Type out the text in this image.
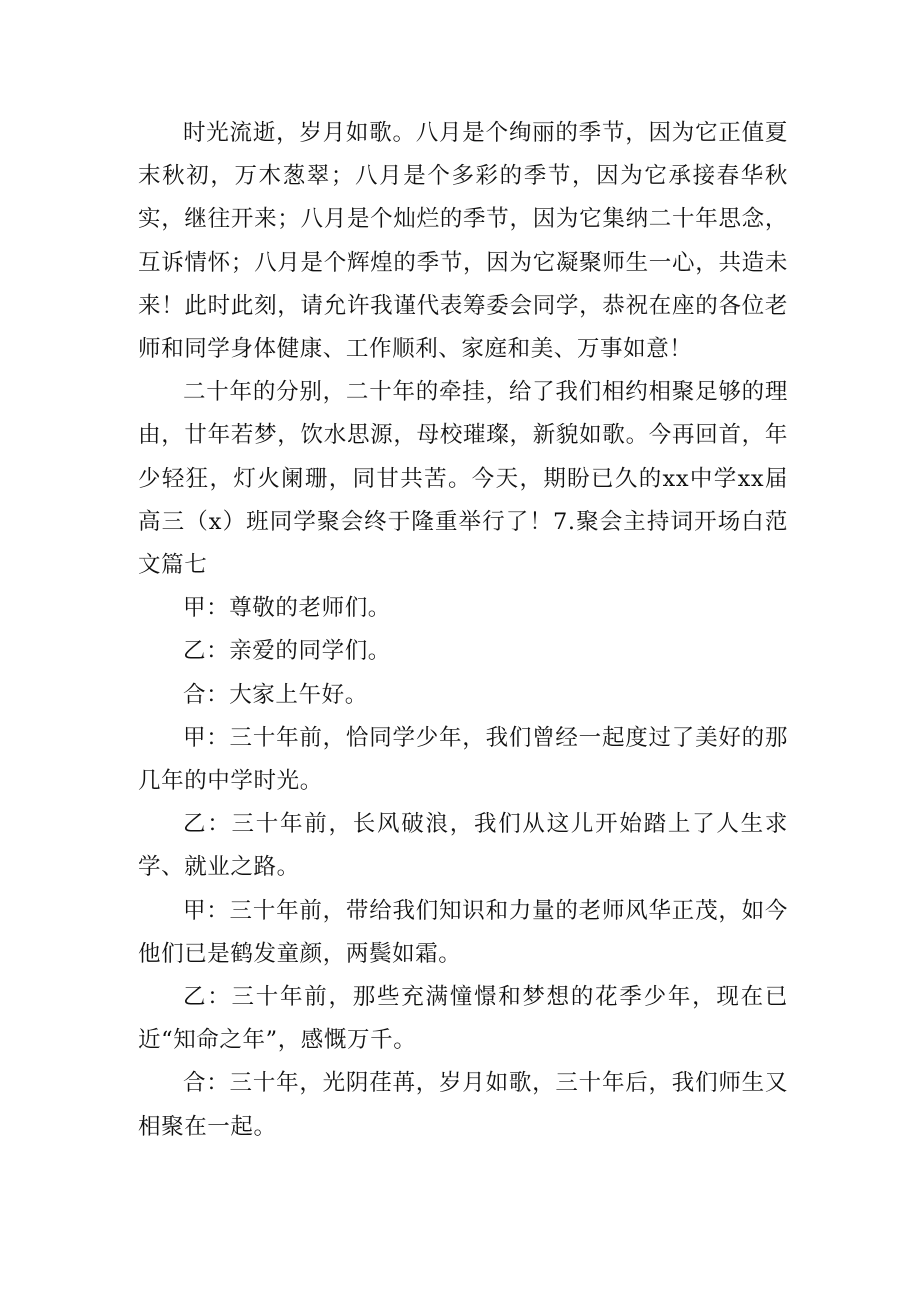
时光流逝，岁月如歌。八月是个绚丽的季节，因为它正值夏末秋初，万木葱翠；八月是个多彩的季节，因为它承接春华秋实，继往开来；八月是个灿烂的季节，因为它集纳二十年思念，互诉情怀；八月是个辉煌的季节，因为它凝聚师生一心，共造未来！此时此刻，请允许我谨代表筹委会同学，恭祝在座的各位老师和同学身体健康、工作顺利、家庭和美、万事如意！

二十年的分别，二十年的牵挂，给了我们相约相聚足够的理由，廿年若梦，饮水思源，母校璀璨，新貌如歌。今再回首，年少轻狂，灯火阑珊，同甘共苦。今天，期盼已久的xx中学xx届高三（x）班同学聚会终于隆重举行了！7.聚会主持词开场白范文篇七

甲：尊敬的老师们。

乙：亲爱的同学们。

合：大家上午好。

甲：三十年前，恰同学少年，我们曾经一起度过了美好的那几年的中学时光。

乙：三十年前，长风破浪，我们从这儿开始踏上了人生求学、就业之路。

甲：三十年前，带给我们知识和力量的老师风华正茂，如今他们已是鹤发童颜，两鬓如霜。

乙：三十年前，那些充满憧憬和梦想的花季少年，现在已近“知命之年”，感慨万千。

合：三十年，光阴荏苒，岁月如歌，三十年后，我们师生又相聚在一起。
